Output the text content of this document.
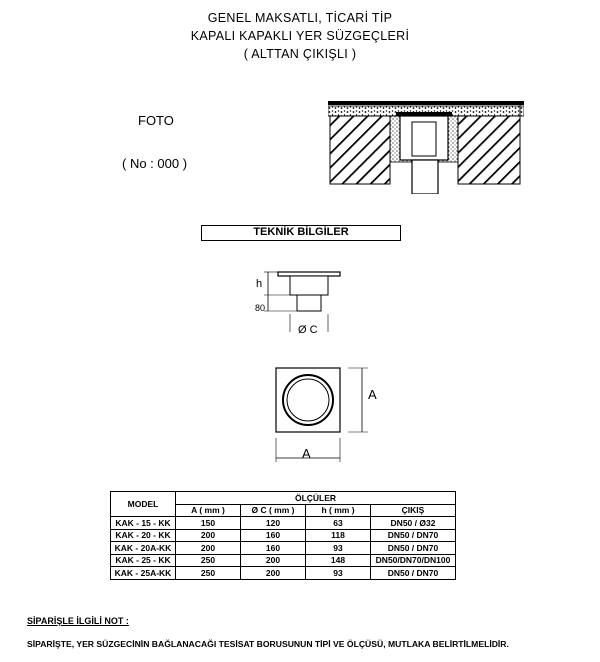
GENEL MAKSATLI, TİCARİ TİP
KAPALI KAPAKLI YER SÜZGEÇLERİ
( ALTTAN ÇIKIŞLI )
FOTO
( No : 000 )
TEKNİK BİLGİLER
h
80
Ø C
A
A
MODEL	ÖLÇÜLER			
	A ( mm )	Ø C ( mm )	h ( mm )	ÇIKIŞ
KAK - 15 - KK	150	120	63	DN50 / Ø32
KAK - 20 - KK	200	160	118	DN50 / DN70
KAK - 20A-KK	200	160	93	DN50 / DN70
KAK - 25 - KK	250	200	148	DN50/DN70/DN100
KAK - 25A-KK	250	200	93	DN50 / DN70
SİPARİŞLE İLGİLİ NOT :
SİPARİŞTE, YER SÜZGECİNİN BAĞLANACAĞI TESİSAT BORUSUNUN TİPİ VE ÖLÇÜSÜ, MUTLAKA BELİRTİLMELİDİR.
